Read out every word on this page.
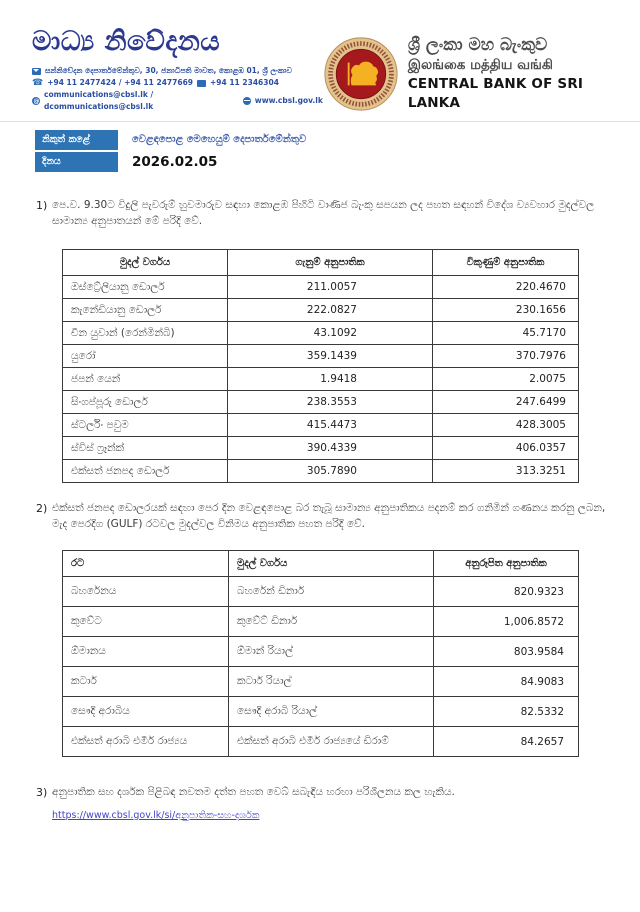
මාධ්‍ය නිවේදනය
සන්නිවේදන දෙපාර්තමේන්තුව, 30, ජනාධිපති මාවත, කොළඹ 01, ශ්‍රී ලංකාව
☎ +94 11 2477424 / +94 11 2477669 +94 11 2346304
@
communications@cbsl.lk / dcommunications@cbsl.lk
www.cbsl.gov.lk
ශ්‍රී ලංකා මහ බැංකුව
இலங்கை மத்திய வங்கி
CENTRAL BANK OF SRI LANKA
නිකුත් කළේ	වෙළඳපොළ මෙහෙයුම් දෙපාර්තමේන්තුව
දිනය	2026.02.05
1) පෙ.ව. 9.30ට විදුලි පැවරුම් හුවමාරුව සඳහා කොළඹ පිහිටි වාණිජ බැංකු සපයන ලද පහත සඳහන් විදේශ ව්‍යවහාර මුදල්වල සාමාන්‍ය අනුපාතයන් මේ පරිදි වේ.
මුදල් වර්ගය	ගැනුම් අනුපාතික	විකුණුම් අනුපාතික
ඔස්ට්‍රේලියානු ඩොලර්	211.0057	220.4670
කැනේඩියානු ඩොලර්	222.0827	230.1656
චීන යුවාන් (රෙන්මින්බි)	43.1092	45.7170
යුරෝ	359.1439	370.7976
ජපන් යෙන්	1.9418	2.0075
සිංගප්පූරු ඩොලර්	238.3553	247.6499
ස්ටර්ලිං පවුම	415.4473	428.3005
ස්විස් ෆ්‍රෑන්ක්	390.4339	406.0357
එක්සත් ජනපද ඩොලර්	305.7890	313.3251
2) එක්සත් ජනපද ඩොලරයක් සඳහා පෙර දින වෙළඳපොළ බර තැබූ සාමාන්‍ය අනුපාතිකය පදනම් කර ගනිමින් ගණනය කරනු ලබන, මැද පෙරදිග (GULF) රටවල මුදල්වල විනිමය අනුපාතික පහත පරිදි වේ.
රට	මුදල් වර්ගය	අනුරූපිත අනුපාතික
බහරේනය	බහරේන් ඩිනාර්	820.9323
කුවේට	කුවේට් ඩිනාර්	1,006.8572
ඕමානය	ඕමාන් රියාල්	803.9584
කටාර්	කටාර් රියාල්	84.9083
සෞදි අරාබිය	සෞදි අරාබි රියාල්	82.5332
එක්සත් අරාබි එමීර් රාජ්‍යය	එක්සත් අරාබි එමීර් රාජ්‍යයේ ඩිරාම්	84.2657
3) අනුපාතික සහ දර්ශක පිළිබඳ නවතම දත්ත පහත වෙබ් සබැඳිය හරහා පරිශීලනය කල හැකිය.
https://www.cbsl.gov.lk/si/අනුපාතික-සහ-දර්ශක
